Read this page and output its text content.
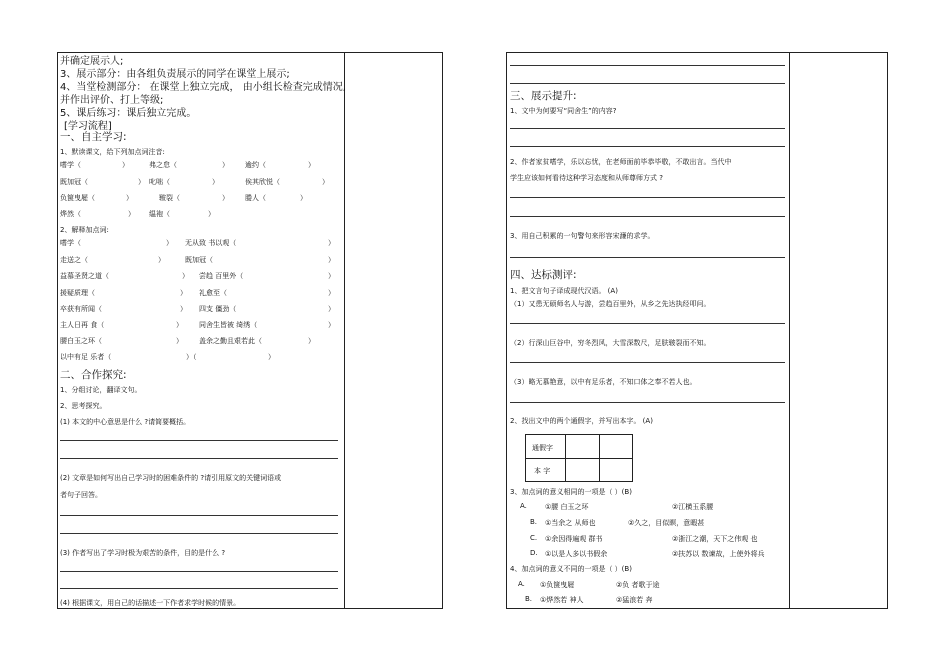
并确定展示人;
3、展示部分：由各组负责展示的同学在课堂上展示;
4、当堂检测部分： 在课堂上独立完成， 由小组长检查完成情况,
并作出评价、打上等级;
5、课后练习：课后独立完成。
[学习流程]
一、自主学习:
1、默读课文，给下列加点词注音:
嗜学（	）	弗之怠（	） 逾约（	）
既加冠（	） 叱咄（	）	俟其欣悦（	）
负箧曳屣（	）	皲裂（	） 媵人（	）
烨然（	） 缊袍（	）
2、解释加点词:
嗜学（	） 无从致 书以观（	）
走送之（	）	既加冠（	）
益慕圣贤之道（	） 尝趋 百里外（	）
援疑质理（	） 礼愈至（	）
卒获有所闻（	） 四支 僵劲（	）
主人日再 食（	） 同舍生皆被 绮绣（	）
腰白玉之环（	） 盖余之勤且艰若此（	）
以中有足 乐者（	）（	）
二、合作探究:
1、分组讨论，翻译文句。
2、思考探究。
(1) 本文的中心意思是什么 ?请简要概括。
(2) 文章是如何写出自己学习时的困难条件的 ?请引用原文的关键词语或
者句子回答。
(3) 作者写出了学习时极为艰苦的条件，目的是什么 ?
(4) 根据课文，用自己的话描述一下作者求学时候的情景。
三、展示提升:
1、文中为何要写“同舍生”的内容?
2、作者家贫嗜学，乐以忘忧，在老师面前毕恭毕敬，不敢出言。当代中
学生应该如何看待这种学习态度和从师尊师方式 ?
3、用自己积累的一句警句来形容宋濂的求学。
四、达标测评:
1、把文言句子译成现代汉语。 (A)
（1）又患无硕师名人与游，尝趋百里外，从乡之先达执经叩问。
（2）行深山巨谷中，穷冬烈风，大雪深数尺，足肤皲裂而不知。
（3）略无慕艳意，以中有足乐者，不知口体之奉不若人也。
2、找出文中的两个通假字，并写出本字。 (A)
通假字
本 字
3、加点词的意义相同的一项是（ ）(B)
A.	①腰 白玉之环	②江横玉系腰
B. ①当余之 从师也	②久之，目似瞑，意暇甚
C. ①余因得遍观 群书	②浙江之潮，天下之伟观 也
D. ①以是人多以书假余	②扶苏以 数谏故，上使外将兵
4、加点词的意义不同的一项是（ ）(B)
A. ①负箧曳屣	②负 者歌于途
B. ①烨然若 神人	②猛浪若 奔
